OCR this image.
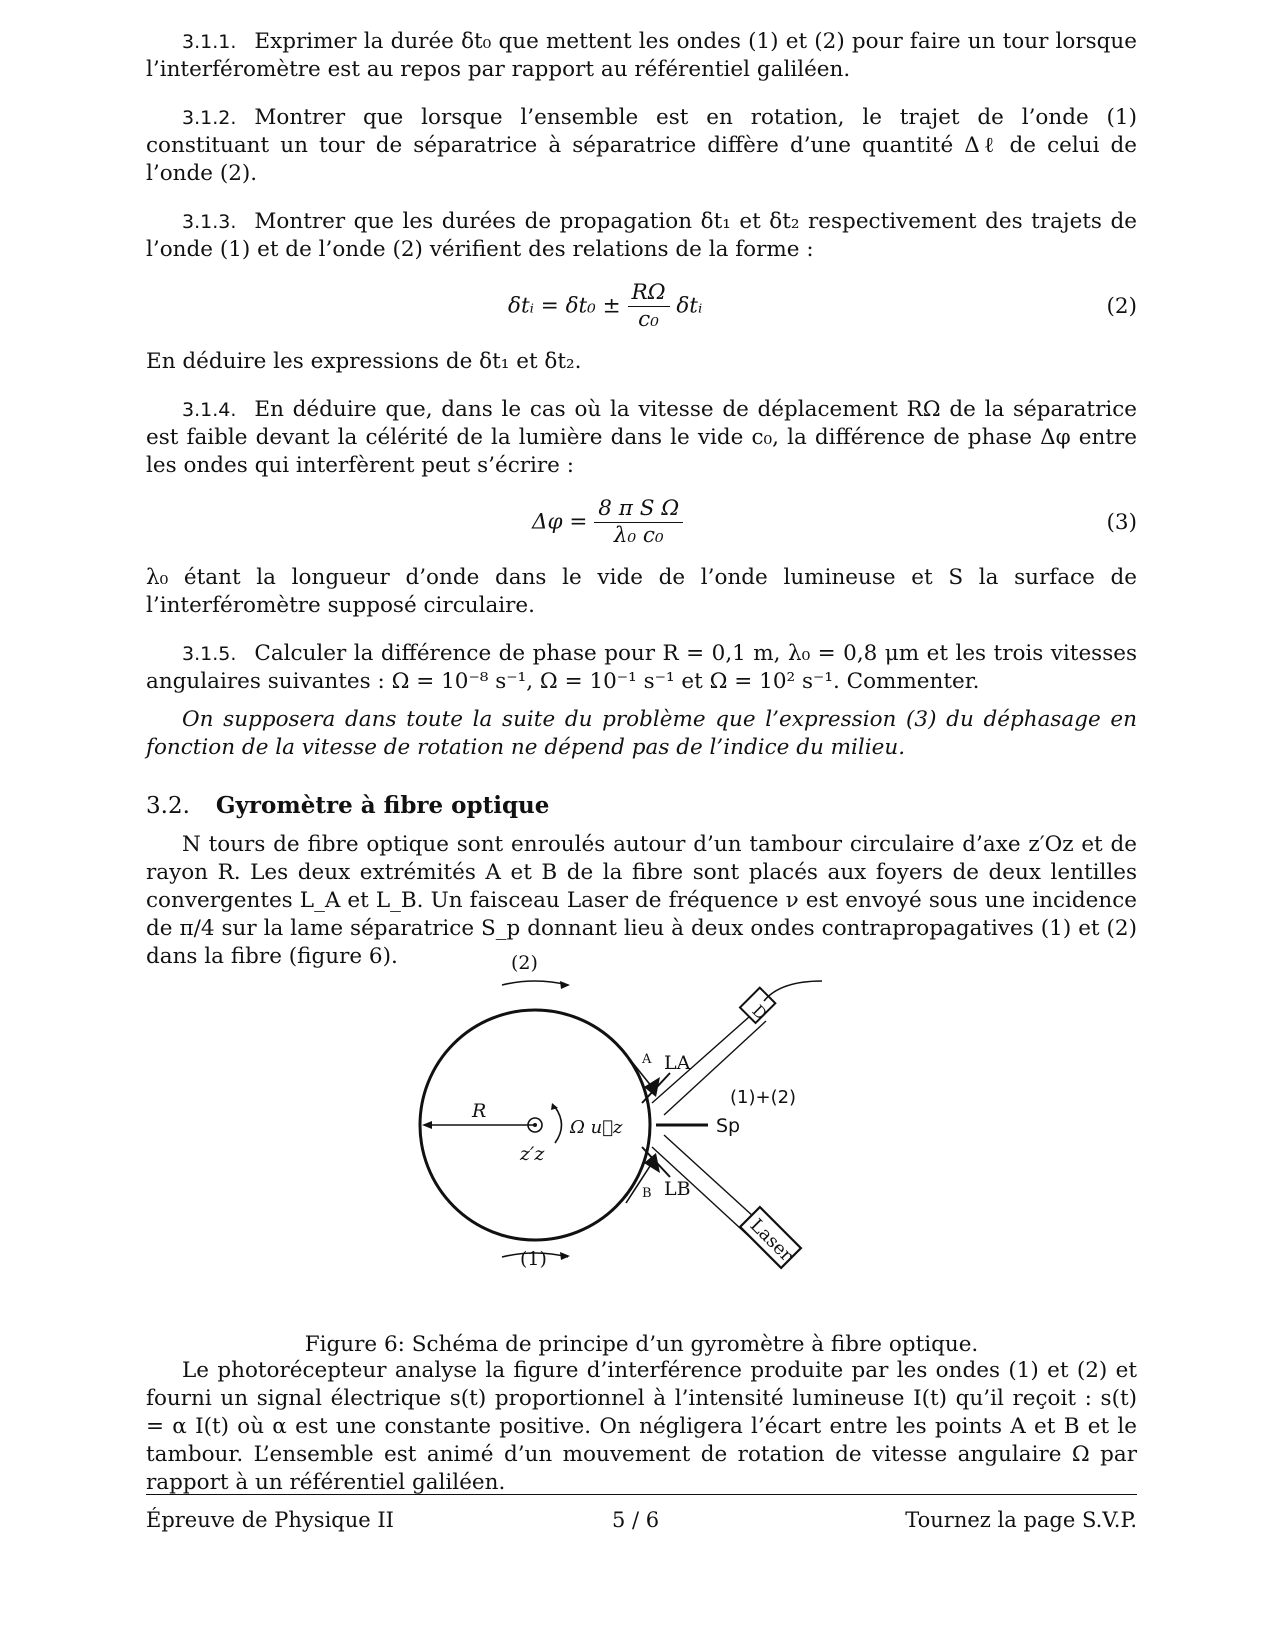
3.1.1. Exprimer la durée δt₀ que mettent les ondes (1) et (2) pour faire un tour lorsque l’interféromètre est au repos par rapport au référentiel galiléen.

3.1.2. Montrer que lorsque l’ensemble est en rotation, le trajet de l’onde (1) constituant un tour de séparatrice à séparatrice diffère d’une quantité Δℓ de celui de l’onde (2).

3.1.3. Montrer que les durées de propagation δt₁ et δt₂ respectivement des trajets de l’onde (1) et de l’onde (2) vérifient des relations de la forme :

δtᵢ = $\delta t_0 \pm \frac{R\Omega}{\text{c₀}}$ δtᵢ	(2)

En déduire les expressions de δt₁ et δt₂.

3.1.4. En déduire que, dans le cas où la vitesse de déplacement RΩ de la séparatrice est faible devant la célérité de la lumière dans le vide c₀, la différence de phase Δφ entre les ondes qui interfèrent peut s’écrire :

$\Delta\varphi = \frac{\text{8 π S Ω}}{\text{λ₀ c₀}}$	(3)

λ₀ étant la longueur d’onde dans le vide de l’onde lumineuse et S la surface de l’interféromètre supposé circulaire.

3.1.5. Calculer la différence de phase pour R = 0,1 m, λ₀ = 0,8 μm et les trois vitesses angulaires suivantes : Ω = 10⁻⁸ s⁻¹, Ω = 10⁻¹ s⁻¹ et Ω = 10² s⁻¹. Commenter.

On supposera dans toute la suite du problème que l’expression (3) du déphasage en fonction de la vitesse de rotation ne dépend pas de l’indice du milieu.

3.2. Gyromètre à fibre optique

N tours de fibre optique sont enroulés autour d’un tambour circulaire d’axe z′Oz et de rayon R. Les deux extrémités A et B de la fibre sont placés aux foyers de deux lentilles convergentes L_A et L_B. Un faisceau Laser de fréquence ν est envoyé sous une incidence de π/4 sur la lame séparatrice S_p donnant lieu à deux ondes contrapropagatives (1) et (2) dans la fibre (figure 6).

R
z′z
Ω u⃗z
(2)
LA
LB
A
B
Sp
(1)+(2)
D
Laser
(1)

Figure 6: Schéma de principe d’un gyromètre à fibre optique.

Le photorécepteur analyse la figure d’interférence produite par les ondes (1) et (2) et fourni un signal électrique s(t) proportionnel à l’intensité lumineuse I(t) qu’il reçoit : s(t) = α I(t) où α est une constante positive. On négligera l’écart entre les points A et B et le tambour. L’ensemble est animé d’un mouvement de rotation de vitesse angulaire Ω par rapport à un référentiel galiléen.

Épreuve de Physique II	5 / 6	Tournez la page S.V.P.
